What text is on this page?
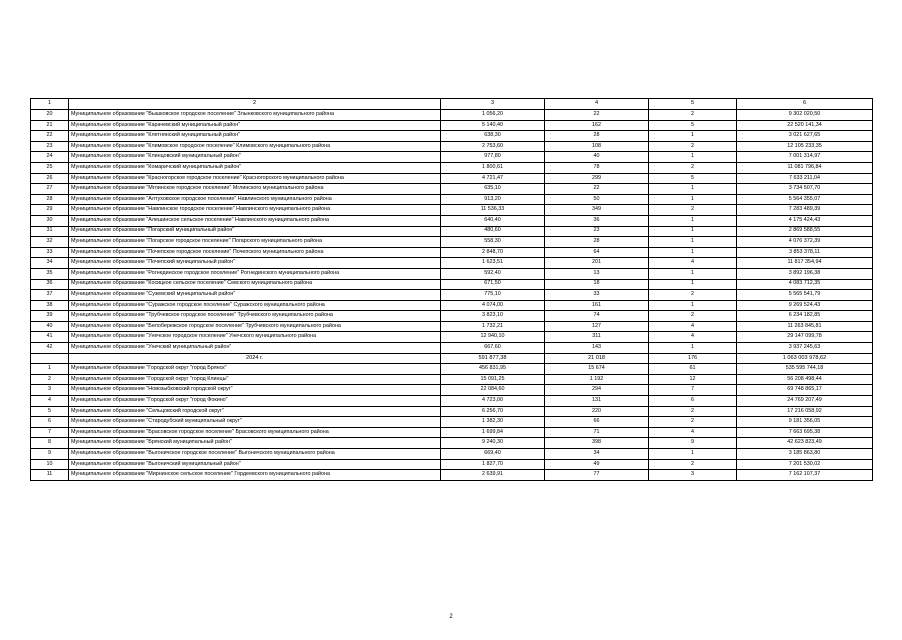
1	2	3	4	5	6
20	Муниципальное образование "Вышковское городское поселение" Злынковского муниципального района	1 056,20	22	2	9 302 020,50
21	Муниципальное образование "Карачевский муниципальный район"	5 140,40	162	5	22 520 141,34
22	Муниципальное образование "Клетнянский муниципальный район"	638,30	28	1	3 021 627,65
23	Муниципальное образование "Климовское городское поселение" Климовского муниципального района	2 753,60	108	2	12 105 233,35
24	Муниципальное образование "Клинцовский муниципальный район"	977,80	40	1	7 001 314,97
25	Муниципальное образование "Комаричский муниципальный район"	1 800,61	78	2	11 081 796,84
26	Муниципальное образование "Красногорское городское поселение" Красногорского муниципального района	4 721,47	299	5	7 633 211,04
27	Муниципальное образование "Мглинское городское поселение" Мглинского муниципального района	635,10	22	1	3 734 507,70
28	Муниципальное образование "Алтуховское городское поселение" Навлинского муниципального района	913,20	50	1	5 564 355,07
29	Муниципальное образование "Навлинское городское поселение" Навлинского муниципального района	11 536,33	349	2	7 283 489,39
30	Муниципальное образование "Алешинское сельское поселение" Навлинского муниципального района	640,40	36	1	4 175 424,43
31	Муниципальное образование "Погарский муниципальный район"	480,60	23	1	2 869 588,55
32	Муниципальное образование "Погарское городское поселение" Погарского муниципального района	558,30	28	1	4 076 372,39
33	Муниципальное образование "Почепское городское поселение" Почепского муниципального района	2 848,70	64	1	3 853 378,11
34	Муниципальное образование "Почепский муниципальный район"	1 623,51	201	4	11 817 354,94
35	Муниципальное образование "Рогнединское городское поселение" Рогнединского муниципального района	592,40	13	1	3 892 196,38
36	Муниципальное образование "Косицкое сельское поселение" Севского муниципального района	671,50	18	1	4 083 712,35
37	Муниципальное образование "Суземский муниципальный район"	775,10	33	2	5 565 541,79
38	Муниципальное образование "Суражское городское поселение" Суражского муниципального района	4 074,00	161	1	9 269 524,43
39	Муниципальное образование "Трубчевское городское поселение" Трубчевского муниципального района	3 823,10	74	2	6 234 182,85
40	Муниципальное образование "Белобережское городское поселение" Трубчевского муниципального района	1 732,21	127	4	11 263 845,81
41	Муниципальное образование "Унечское городское поселение" Унечского муниципального района	12 940,10	311	4	29 147 099,78
42	Муниципальное образование "Унечский муниципальный район"	667,60	143	1	3 937 245,63
	2024 г.	591 877,38	21 018	176	1 063 003 978,62
1	Муниципальное образование "Городской округ "город Брянск"	456 831,95	15 674	61	535 595 744,18
2	Муниципальное образование "Городской округ "город Клинцы"	15 091,25	1 192	12	56 208 498,44
3	Муниципальное образование "Новозыбковский городской округ"	22 084,60	294	7	69 748 865,17
4	Муниципальное образование "Городской округ "город Фокино"	4 723,00	131	6	24 769 207,49
5	Муниципальное образование "Сельцовский городской округ"	6 256,70	220	2	17 216 058,92
6	Муниципальное образование "Стародубский муниципальный округ"	1 382,30	66	2	9 181 356,05
7	Муниципальное образование "Брасовское городское поселение" Брасовского муниципального района	1 699,84	71	4	7 663 695,38
8	Муниципальное образование "Брянский муниципальный район"	9 240,30	398	9	42 623 823,49
9	Муниципальное образование "Выгоничское городское поселение" Выгоничского муниципального района	669,40	34	1	3 185 863,80
10	Муниципальное образование "Выгоничский муниципальный район"	1 827,70	49	2	7 201 530,02
11	Муниципальное образование "Мирнинское сельское поселение" Гордеевского муниципального района	2 639,91	77	3	7 162 107,37
2
